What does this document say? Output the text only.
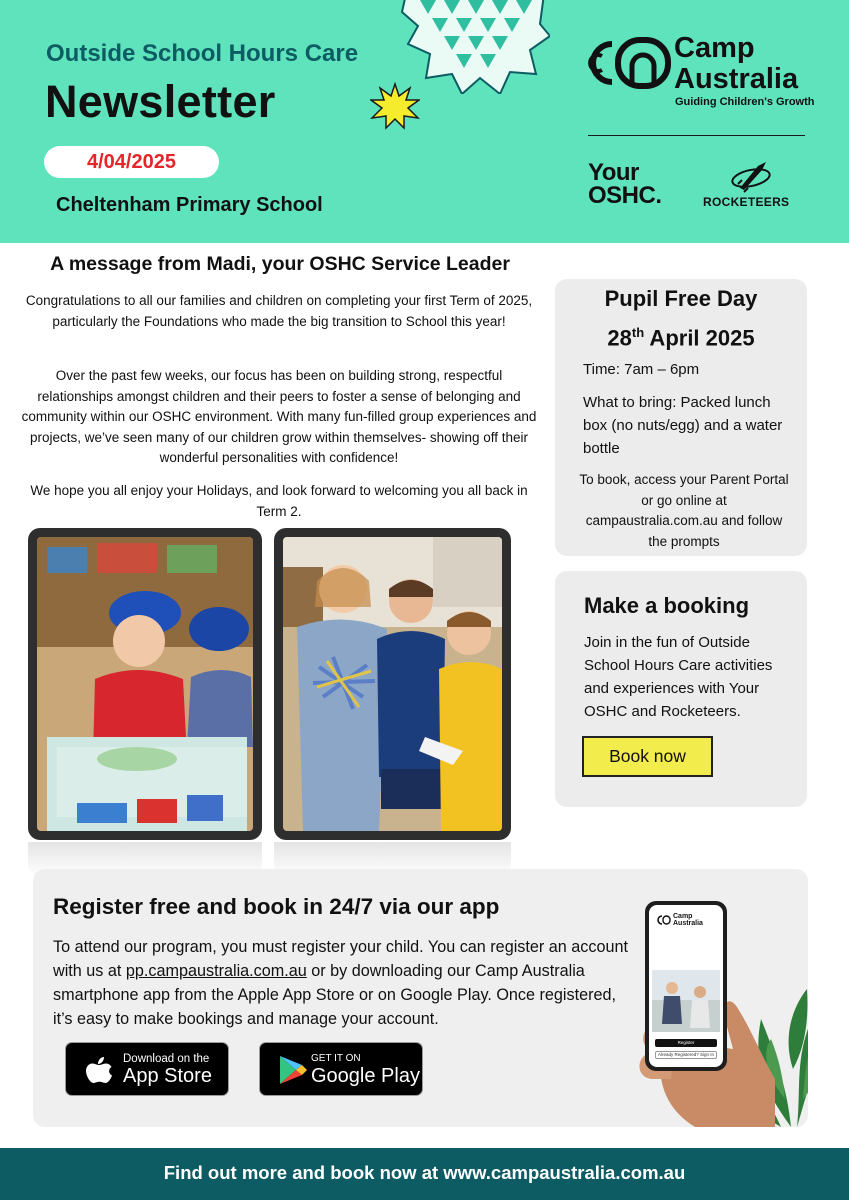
Outside School Hours Care
Newsletter
4/04/2025
Cheltenham Primary School
Camp
Australia
Guiding Children's Growth
Your
OSHC.	ROCKETEERS
A message from Madi, your OSHC Service Leader

Congratulations to all our families and children on completing your first Term of 2025, particularly the Foundations who made the big transition to School this year!

Over the past few weeks, our focus has been on building strong, respectful relationships amongst children and their peers to foster a sense of belonging and community within our OSHC environment. With many fun-filled group experiences and projects, we’ve seen many of our children grow within themselves- showing off their wonderful personalities with confidence!

We hope you all enjoy your Holidays, and look forward to welcoming you all back in Term 2.

Pupil Free Day
28th April 2025
Time: 7am – 6pm
What to bring: Packed lunch box (no nuts/egg) and a water bottle
To book, access your Parent Portal or go online at campaustralia.com.au and follow the prompts
Make a booking
Join in the fun of Outside School Hours Care activities and experiences with Your OSHC and Rocketeers.
Book now
Register free and book in 24/7 via our app
To attend our program, you must register your child. You can register an account with us at pp.campaustralia.com.au or by downloading our Camp Australia smartphone app from the Apple App Store or on Google Play. Once registered, it’s easy to make bookings and manage your account.
Download on the
App Store
GET IT ON
Google Play
Camp
Australia
Register
Already Registered? Sign In
Find out more and book now at www.campaustralia.com.au
